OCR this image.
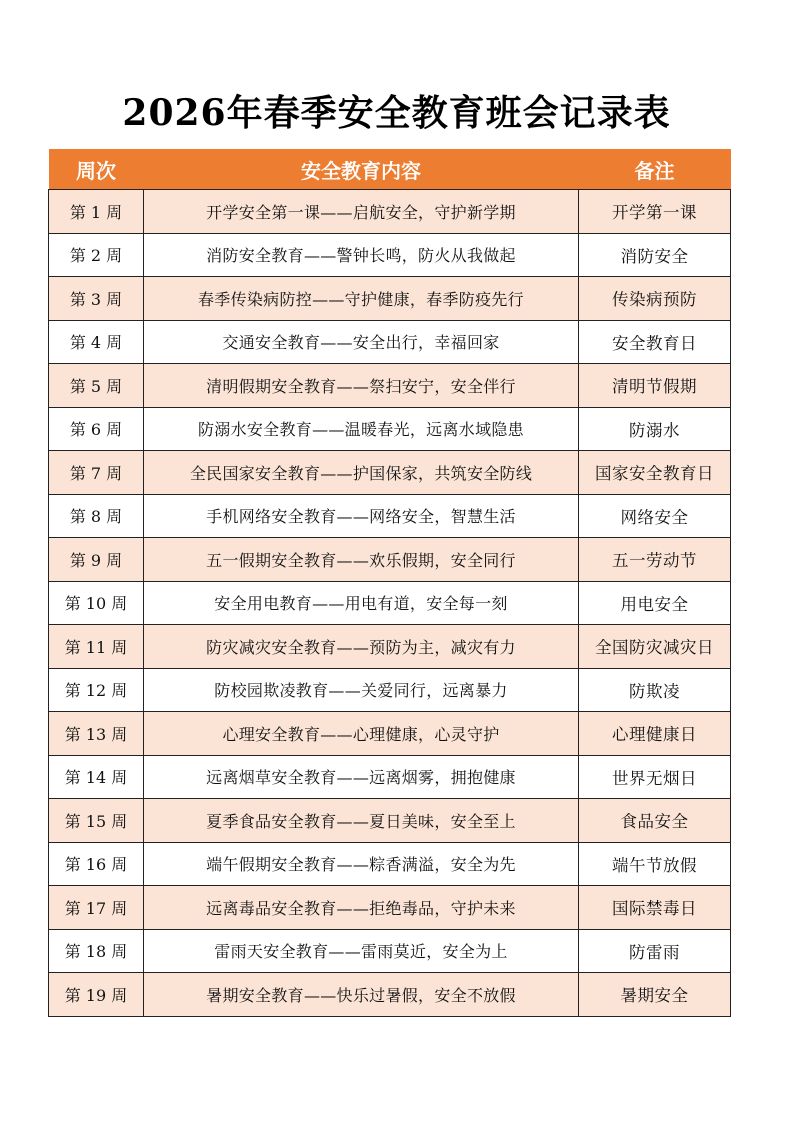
2026年春季安全教育班会记录表
周次	安全教育内容	备注
第 1 周	开学安全第一课——启航安全，守护新学期	开学第一课
第 2 周	消防安全教育——警钟长鸣，防火从我做起	消防安全
第 3 周	春季传染病防控——守护健康，春季防疫先行	传染病预防
第 4 周	交通安全教育——安全出行，幸福回家	安全教育日
第 5 周	清明假期安全教育——祭扫安宁，安全伴行	清明节假期
第 6 周	防溺水安全教育——温暖春光，远离水域隐患	防溺水
第 7 周	全民国家安全教育——护国保家，共筑安全防线	国家安全教育日
第 8 周	手机网络安全教育——网络安全，智慧生活	网络安全
第 9 周	五一假期安全教育——欢乐假期，安全同行	五一劳动节
第 10 周	安全用电教育——用电有道，安全每一刻	用电安全
第 11 周	防灾减灾安全教育——预防为主，减灾有力	全国防灾减灾日
第 12 周	防校园欺凌教育——关爱同行，远离暴力	防欺凌
第 13 周	心理安全教育——心理健康，心灵守护	心理健康日
第 14 周	远离烟草安全教育——远离烟雾，拥抱健康	世界无烟日
第 15 周	夏季食品安全教育——夏日美味，安全至上	食品安全
第 16 周	端午假期安全教育——粽香满溢，安全为先	端午节放假
第 17 周	远离毒品安全教育——拒绝毒品，守护未来	国际禁毒日
第 18 周	雷雨天安全教育——雷雨莫近，安全为上	防雷雨
第 19 周	暑期安全教育——快乐过暑假，安全不放假	暑期安全
